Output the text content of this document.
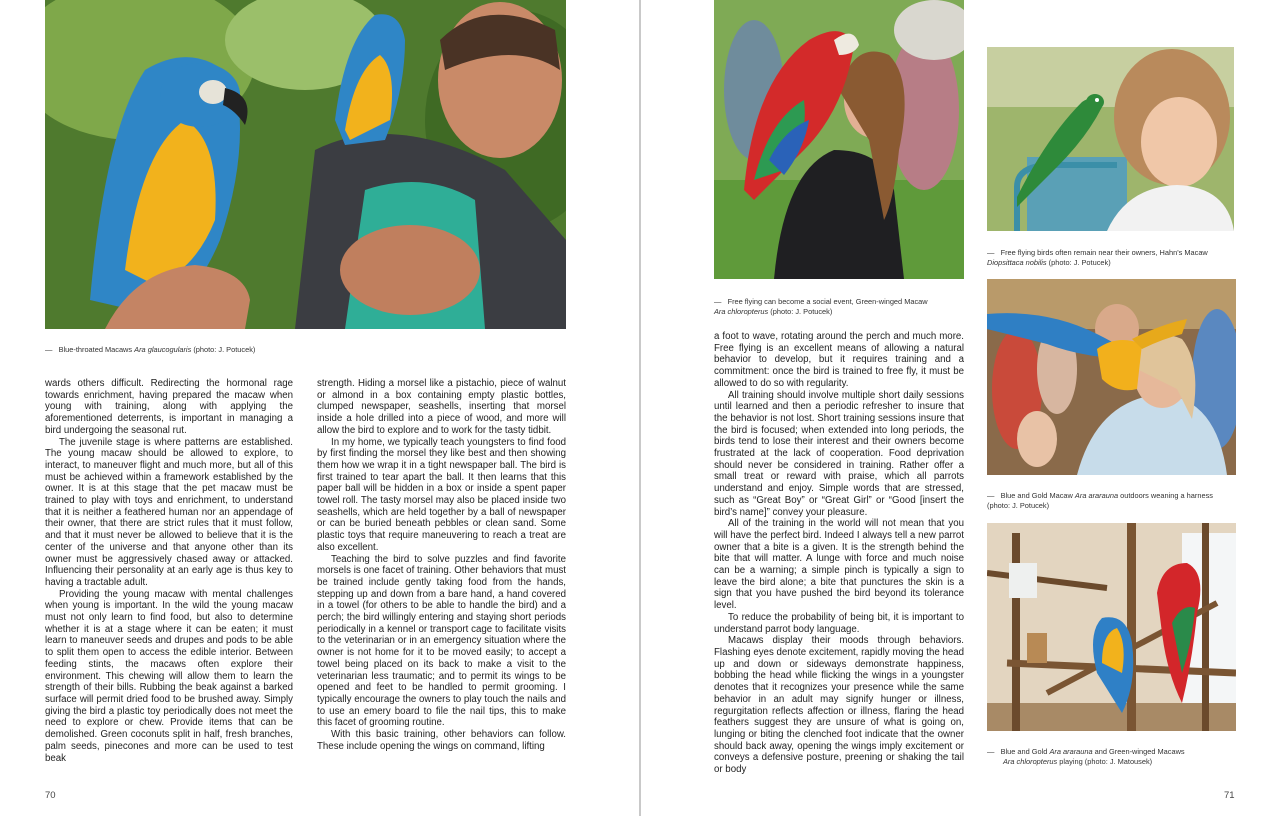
— Blue-throated Macaws Ara glaucogularis (photo: J. Potucek)

wards others difficult. Redirecting the hormonal rage towards enrichment, having prepared the macaw when young with training, along with applying the aforementioned deterrents, is important in managing a bird undergoing the seasonal rut.

The juvenile stage is where patterns are established. The young macaw should be allowed to explore, to interact, to maneuver flight and much more, but all of this must be achieved within a framework established by the owner. It is at this stage that the pet macaw must be trained to play with toys and enrichment, to understand that it is neither a feathered human nor an appendage of their owner, that there are strict rules that it must follow, and that it must never be allowed to believe that it is the center of the universe and that anyone other than its owner must be aggressively chased away or attacked. Influencing their personality at an early age is thus key to having a tractable adult.

Providing the young macaw with mental challenges when young is important. In the wild the young macaw must not only learn to find food, but also to determine whether it is at a stage where it can be eaten; it must learn to maneuver seeds and drupes and pods to be able to split them open to access the edible interior. Between feeding stints, the macaws often explore their environment. This chewing will allow them to learn the strength of their bills. Rubbing the beak against a barked surface will permit dried food to be brushed away. Simply giving the bird a plastic toy periodically does not meet the need to explore or chew. Provide items that can be demolished. Green coconuts split in half, fresh branches, palm seeds, pinecones and more can be used to test beak

strength. Hiding a morsel like a pistachio, piece of walnut or almond in a box containing empty plastic bottles, clumped newspaper, seashells, inserting that morsel inside a hole drilled into a piece of wood, and more will allow the bird to explore and to work for the tasty tidbit.

In my home, we typically teach youngsters to find food by first finding the morsel they like best and then showing them how we wrap it in a tight newspaper ball. The bird is first trained to tear apart the ball. It then learns that this paper ball will be hidden in a box or inside a spent paper towel roll. The tasty morsel may also be placed inside two seashells, which are held together by a ball of newspaper or can be buried beneath pebbles or clean sand. Some plastic toys that require maneuvering to reach a treat are also excellent.

Teaching the bird to solve puzzles and find favorite morsels is one facet of training. Other behaviors that must be trained include gently taking food from the hands, stepping up and down from a bare hand, a hand covered in a towel (for others to be able to handle the bird) and a perch; the bird willingly entering and staying short periods periodically in a kennel or transport cage to facilitate visits to the veterinarian or in an emergency situation where the owner is not home for it to be moved easily; to accept a towel being placed on its back to make a visit to the veterinarian less traumatic; and to permit its wings to be opened and feet to be handled to permit grooming. I typically encourage the owners to play touch the nails and to use an emery board to file the nail tips, this to make this facet of grooming routine.

With this basic training, other behaviors can follow. These include opening the wings on command, lifting

70
— Free flying can become a social event, Green-winged Macaw
Ara chloropterus (photo: J. Potucek)

a foot to wave, rotating around the perch and much more. Free flying is an excellent means of allowing a natural behavior to develop, but it requires training and a commitment: once the bird is trained to free fly, it must be allowed to do so with regularity.

All training should involve multiple short daily sessions until learned and then a periodic refresher to insure that the behavior is not lost. Short training sessions insure that the bird is focused; when extended into long periods, the birds tend to lose their interest and their owners become frustrated at the lack of cooperation. Food deprivation should never be considered in training. Rather offer a small treat or reward with praise, which all parrots understand and enjoy. Simple words that are stressed, such as “Great Boy” or “Great Girl” or “Good [insert the bird’s name]” convey your pleasure.

All of the training in the world will not mean that you will have the perfect bird. Indeed I always tell a new parrot owner that a bite is a given. It is the strength behind the bite that will matter. A lunge with force and much noise can be a warning; a simple pinch is typically a sign to leave the bird alone; a bite that punctures the skin is a sign that you have pushed the bird beyond its tolerance level.

To reduce the probability of being bit, it is important to understand parrot body language.

Macaws display their moods through behaviors. Flashing eyes denote excitement, rapidly moving the head up and down or sideways demonstrate happiness, bobbing the head while flicking the wings in a youngster denotes that it recognizes your presence while the same behavior in an adult may signify hunger or illness, regurgitation reflects affection or illness, flaring the head feathers suggest they are unsure of what is going on, lunging or biting the clenched foot indicate that the owner should back away, opening the wings imply excitement or conveys a defensive posture, preening or shaking the tail or body

— Free flying birds often remain near their owners, Hahn's Macaw
Diopsittaca nobilis (photo: J. Potucek)
— Blue and Gold Macaw Ara ararauna outdoors weaning a harness
(photo: J. Potucek)
— Blue and Gold Ara ararauna and Green-winged Macaws
Ara chloropterus playing (photo: J. Matousek)
71
